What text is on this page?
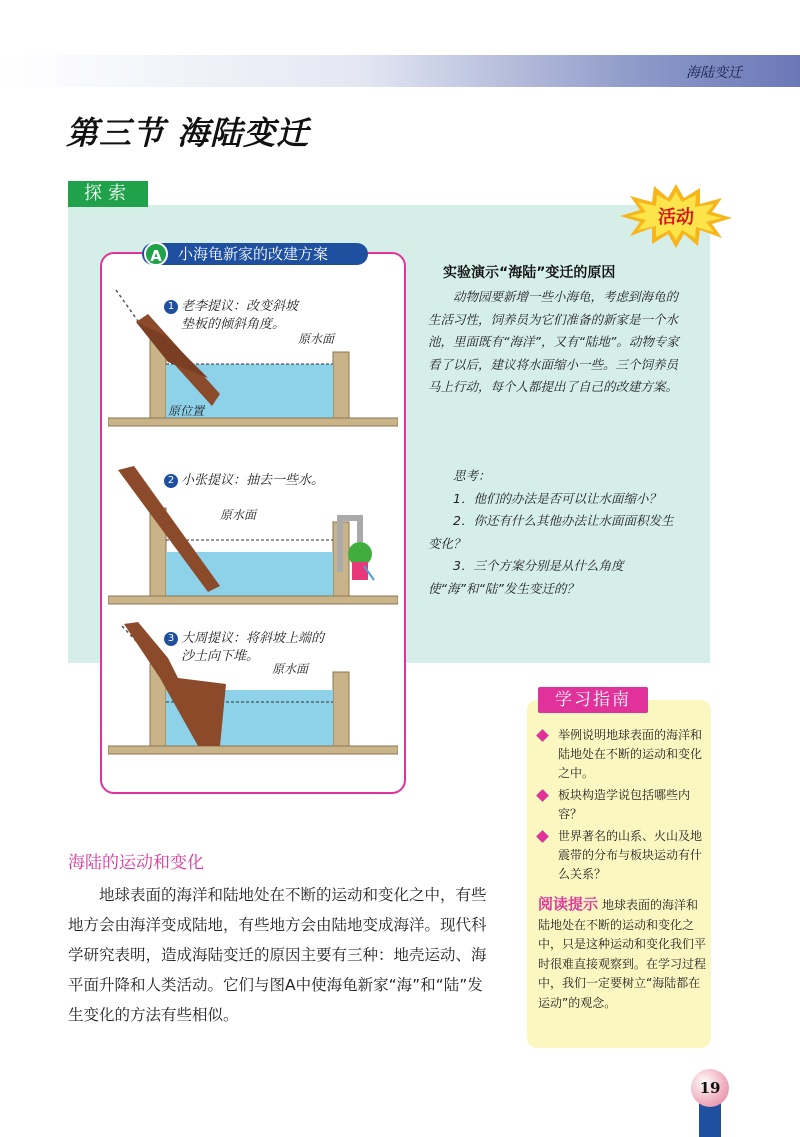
海陆变迁
第三节 海陆变迁
探索
活动
小海龟新家的改建方案
A
1 老李提议：改变斜坡
垫板的倾斜角度。
原水面
原位置
2 小张提议：抽去一些水。
原水面
3 大周提议：将斜坡上端的
沙土向下堆。
原水面
实验演示“海陆”变迁的原因

动物园要新增一些小海龟，考虑到海龟的生活习性，饲养员为它们准备的新家是一个水池，里面既有“海洋”，又有“陆地”。动物专家看了以后，建议将水面缩小一些。三个饲养员马上行动，每个人都提出了自己的改建方案。

思考：

1．他们的办法是否可以让水面缩小？

2．你还有什么其他办法让水面面积发生变化？

3．三个方案分别是从什么角度使“海”和“陆”发生变迁的？

学习指南
举例说明地球表面的海洋和陆地处在不断的运动和变化之中。
板块构造学说包括哪些内容？
世界著名的山系、火山及地震带的分布与板块运动有什么关系？
阅读提示 地球表面的海洋和陆地处在不断的运动和变化之中，只是这种运动和变化我们平时很难直接观察到。在学习过程中，我们一定要树立“海陆都在运动”的观念。
海陆的运动和变化

地球表面的海洋和陆地处在不断的运动和变化之中，有些地方会由海洋变成陆地，有些地方会由陆地变成海洋。现代科学研究表明，造成海陆变迁的原因主要有三种：地壳运动、海平面升降和人类活动。它们与图A中使海龟新家“海”和“陆”发生变化的方法有些相似。

19
